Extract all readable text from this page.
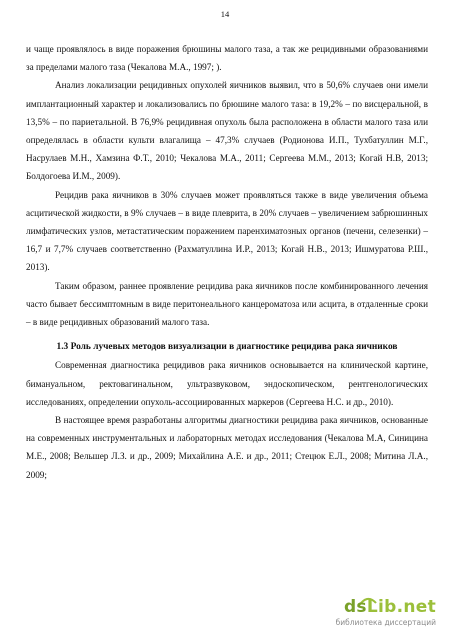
14

и чаще проявлялось в виде поражения брюшины малого таза, а так же рецидивными образованиями за пределами малого таза (Чекалова М.А., 1997; ).

Анализ локализации рецидивных опухолей яичников выявил, что в 50,6% случаев они имели имплантационный характер и локализовались по брюшине малого таза: в 19,2% – по висцеральной, в 13,5% – по париетальной. В 76,9% рецидивная опухоль была расположена в области малого таза или определялась в области культи влагалища – 47,3% случаев (Родионова И.П., Тухбатуллин М.Г., Насрулаев М.Н., Хамзина Ф.Т., 2010; Чекалова М.А., 2011; Сергеева М.М., 2013; Когай Н.В, 2013; Болдогоева И.М., 2009).

Рецидив рака яичников в 30% случаев может проявляться также в виде увеличения объема асцитической жидкости, в 9% случаев – в виде плеврита, в 20% случаев – увеличением забрюшинных лимфатических узлов, метастатическим поражением паренхиматозных органов (печени, селезенки) – 16,7 и 7,7% случаев соответственно (Рахматуллина И.Р., 2013; Когай Н.В., 2013; Ишмуратова Р.Ш., 2013).

Таким образом, раннее проявление рецидива рака яичников после комбинированного лечения часто бывает бессимптомным в виде перитонеального канцероматоза или асцита, в отдаленные сроки – в виде рецидивных образований малого таза.

1.3 Роль лучевых методов визуализации в диагностике рецидива рака яичников

Современная диагностика рецидивов рака яичников основывается на клинической картине, бимануальном, ректовагинальном, ультразвуковом, эндоскопическом, рентгенологических исследованиях, определении опухоль-ассоциированных маркеров (Сергеева Н.С. и др., 2010).

В настоящее время разработаны алгоритмы диагностики рецидива рака яичников, основанные на современных инструментальных и лабораторных методах исследования (Чекалова М.А, Синицина М.Е., 2008; Вельшер Л.З. и др., 2009; Михайлина А.Е. и др., 2011; Стецюк Е.Л., 2008; Митина Л.А., 2009;

dsLib.net
библиотека диссертаций
